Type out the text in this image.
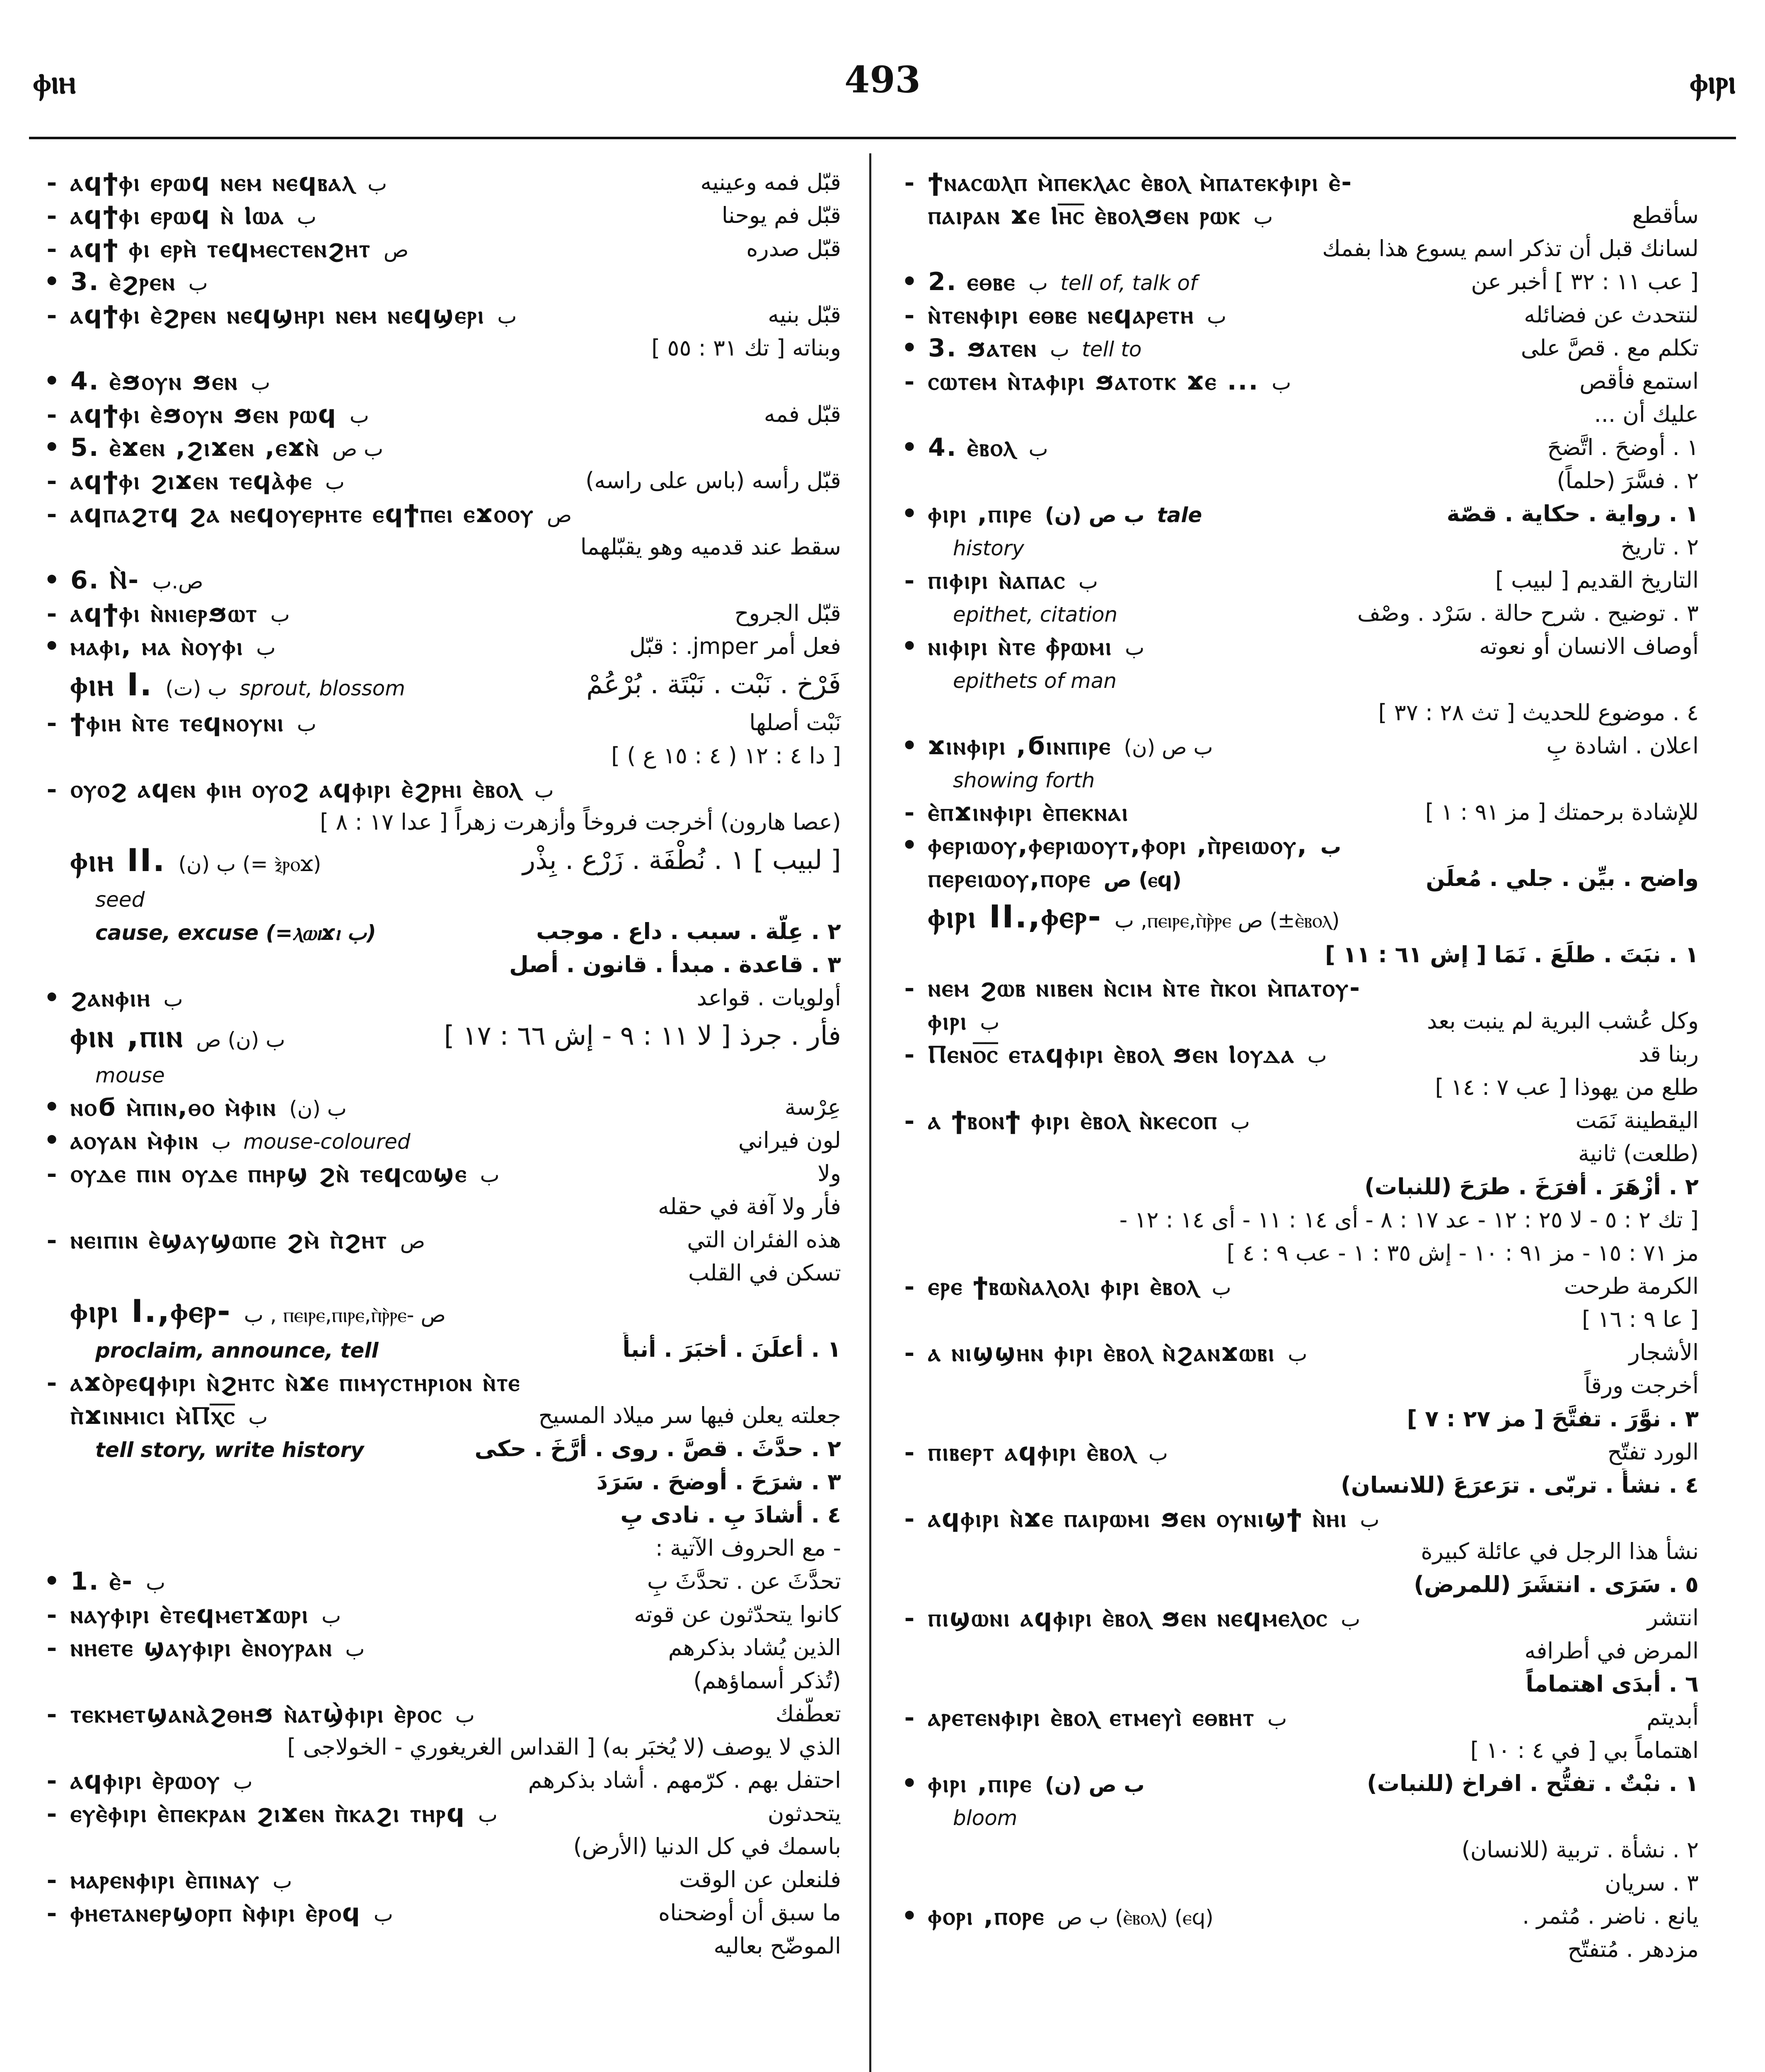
ⲫⲓⲏ	493	ⲫⲓⲣⲓ
- ⲁϥϯⲫⲓ ⲉⲣⲱϥ ⲛⲉⲙ ⲛⲉϥⲃⲁⲗ ب	قبّل فمه وعينيه
- ⲁϥϯⲫⲓ ⲉⲣⲱϥ ⲛ̀ Ⲓⲱⲁ ب	قبّل فم يوحنا
- ⲁϥϯ ⲫⲓ ⲉⲣⲏ̀ ⲧⲉϥⲙⲉⲥⲧⲉⲛϩⲏⲧ ص	قبّل صدره
• 3. ⲉ̀ϩⲣⲉⲛ ب
- ⲁϥϯⲫⲓ ⲉ̀ϩⲣⲉⲛ ⲛⲉϥϣⲏⲣⲓ ⲛⲉⲙ ⲛⲉϥϣⲉⲣⲓ ب	قبّل بنيه
وبناته [ تك ٣١ : ٥٥ ]
• 4. ⲉ̀ϧⲟⲩⲛ ϧⲉⲛ ب
- ⲁϥϯⲫⲓ ⲉ̀ϧⲟⲩⲛ ϧⲉⲛ ⲣⲱϥ ب	قبّل فمه
• 5. ⲉ̀ϫⲉⲛ ,ϩⲓϫⲉⲛ ,ⲉϫⲛ̀ ب ص
- ⲁϥϯⲫⲓ ϩⲓϫⲉⲛ ⲧⲉϥⲁ̀ⲫⲉ ب	قبّل رأسه (باس على راسه)
- ⲁϥⲡⲁϩⲧϥ ϩⲁ ⲛⲉϥⲟⲩⲉⲣⲏⲧⲉ ⲉϥϯⲡⲉⲓ ⲉϫⲟⲟⲩ ص
سقط عند قدميه وهو يقبّلهما
• 6. Ⲛ̀- ص.ب
- ⲁϥϯⲫⲓ ⲛ̀ⲛⲓⲉⲣϧⲱⲧ ب	قبّل الجروح
• ⲙⲁⲫⲓ, ⲙⲁ ⲛ̀ⲟⲩⲫⲓ ب	فعل أمر jmper. : قبّل
ⲫⲓⲏ I. ب (ت) sprout, blossom	فَرْخ . نَبْت . نَبْتَة . بُرْعُمْ
- ϯⲫⲓⲏ ⲛ̀ⲧⲉ ⲧⲉϥⲛⲟⲩⲛⲓ ب	نَبْت أصلها
[ دا ٤ : ١٢ ( ٤ : ١٥ ع ) ]
- ⲟⲩⲟϩ ⲁϥⲉⲛ ⲫⲓⲏ ⲟⲩⲟϩ ⲁϥⲫⲓⲣⲓ ⲉ̀ϩⲣⲏⲓ ⲉ̀ⲃⲟⲗ ب
(عصا هارون) أخرجت فروخاً وأزهرت زهراً [ عدا ١٧ : ٨ ]
ⲫⲓⲏ II. ب (ن) (= ⲝ̀ⲣⲟϫ)	[ لبيب ] ١ . نُطْفَة . زَرْع . بِذْر
seed
cause, excuse (=ⲗⲱⲓϫⲓ ب)	٢ . عِلَّة . سبب . داع . موجب
٣ . قاعدة . مبدأ . قانون . أصل
• ϩⲁⲛⲫⲓⲏ ب	أولويات . قواعد
ⲫⲓⲛ ,ⲡⲓⲛ ب (ن) ص	فأر . جرذ [ لا ١١ : ٩ - إش ٦٦ : ١٧ ]
mouse
• ⲛⲟϭ ⲙ̀ⲡⲓⲛ,ⲑⲟ ⲙ̀ⲫⲓⲛ ب (ن)	عِرْسة
• ⲁⲟⲩⲁⲛ ⲙ̀ⲫⲓⲛ ب mouse-coloured	لون فيراني
- ⲟⲩⲇⲉ ⲡⲓⲛ ⲟⲩⲇⲉ ⲡⲏⲣϣ ϩⲛ̀ ⲧⲉϥⲥⲱϣⲉ ب	ولا
فأر ولا آفة في حقله
- ⲛⲉⲓⲡⲓⲛ ⲉ̀ϣⲁⲩϣⲱⲡⲉ ϩⲙ̀ ⲡ̀ϩⲏⲧ ص	هذه الفئران التي
تسكن في القلب
ⲫⲓⲣⲓ I.,ⲫⲉⲣ- ب , ⲡⲉⲓⲣⲉ,ⲡⲓⲣⲉ,ⲡ̀ⲣ̀ⲣⲉ- ص
proclaim, announce, tell	١ . أعلَنَ . أخبَرَ . أنبأَ
- ⲁϫⲟ̀ⲣⲉϥⲫⲓⲣⲓ ⲛ̀ϩⲏⲧⲥ ⲛ̀ϫⲉ ⲡⲓⲙⲩⲥⲧⲏⲣⲓⲟⲛ ⲛ̀ⲧⲉ
ⲡ̀ϫⲓⲛⲙⲓⲥⲓ ⲙ̀Ⲡⲭ̅ⲥ̅ ب	جعلته يعلن فيها سر ميلاد المسيح
tell story, write history	٢ . حدَّثَ . قصَّ . روى . أرَّخَ . حكى
٣ . شرَحَ . أوضحَ . سَرَدَ
٤ . أشادَ بِ . نادى بِ
- مع الحروف الآتية :
• 1. ⲉ̀- ب	تحدَّثَ عن . تحدَّثَ بِ
- ⲛⲁⲩⲫⲓⲣⲓ ⲉ̀ⲧⲉϥⲙⲉⲧϫⲱⲣⲓ ب	كانوا يتحدّثون عن قوته
- ⲛⲏⲉⲧⲉ ϣⲁⲩⲫⲓⲣⲓ ⲉ̀ⲛⲟⲩⲣⲁⲛ ب	الذين يُشاد بذكرهم
(تُذكر أسماؤهم)
- ⲧⲉⲕⲙⲉⲧϣⲁⲛⲁ̀ϩⲑⲏϧ ⲛ̀ⲁⲧϣ̀ⲫⲓⲣⲓ ⲉ̀ⲣⲟⲥ ب	تعطّفك
الذي لا يوصف (لا يُخبَر به) [ القداس الغريغوري - الخولاجى ]
- ⲁϥⲫⲓⲣⲓ ⲉ̀ⲣⲱⲟⲩ ب	احتفل بهم . كرّمهم . أشاد بذكرهم
- ⲉⲩⲉ̀ⲫⲓⲣⲓ ⲉ̀ⲡⲉⲕⲣⲁⲛ ϩⲓϫⲉⲛ ⲡ̀ⲕⲁϩⲓ ⲧⲏⲣϥ ب	يتحدثون
باسمك في كل الدنيا (الأرض)
- ⲙⲁⲣⲉⲛⲫⲓⲣⲓ ⲉ̀ⲡⲓⲛⲁⲩ ب	فلنعلن عن الوقت
- ⲫⲏⲉⲧⲁⲛⲉⲣϣⲟⲣⲡ ⲛ̀ⲫⲓⲣⲓ ⲉ̀ⲣⲟϥ ب	ما سبق أن أوضحناه
الموضّح بعاليه
- ϯⲛⲁⲥⲱⲗⲡ ⲙ̀ⲡⲉⲕⲗⲁⲥ ⲉ̀ⲃⲟⲗ ⲙ̀ⲡⲁⲧⲉⲕⲫⲓⲣⲓ ⲉ̀-
ⲡⲁⲓⲣⲁⲛ ϫⲉ Ⲓⲏ̅ⲥ̅ ⲉ̀ⲃⲟⲗϧⲉⲛ ⲣⲱⲕ ب	سأقطع
لسانك قبل أن تذكر اسم يسوع هذا بفمك
• 2. ⲉⲑⲃⲉ ب tell of, talk of	[ عب ١١ : ٣٢ ] أخبر عن
- ⲛ̀ⲧⲉⲛⲫⲓⲣⲓ ⲉⲑⲃⲉ ⲛⲉϥⲁⲣⲉⲧⲏ ب	لنتحدث عن فضائله
• 3. ϧⲁⲧⲉⲛ ب tell to	تكلم مع . قصَّ على
- ⲥⲱⲧⲉⲙ ⲛ̀ⲧⲁⲫⲓⲣⲓ ϧⲁⲧⲟⲧⲕ ϫⲉ ... ب	استمع فأقص
عليك أن ...
• 4. ⲉ̀ⲃⲟⲗ ب	١ . أوضحَ . اتَّضحَ
٢ . فسَّرَ (حلماً)
• ⲫⲓⲣⲓ ,ⲡⲓⲣⲉ ب ص (ن) tale	١ . رواية . حكاية . قصّة
history	٢ . تاريخ
- ⲡⲓⲫⲓⲣⲓ ⲛ̀ⲁⲡⲁⲥ ب	التاريخ القديم [ لبيب ]
epithet, citation	٣ . توضيح . شرح حالة . سَرْد . وصْف
• ⲛⲓⲫⲓⲣⲓ ⲛ̀ⲧⲉ ⲫ̀ⲣⲱⲙⲓ ب	أوصاف الانسان أو نعوته
epithets of man
٤ . موضوع للحديث [ تث ٢٨ : ٣٧ ]
• ϫⲓⲛⲫⲓⲣⲓ ,ϭⲓⲛⲡⲓⲣⲉ ب ص (ن)	اعلان . اشادة بِ
showing forth
- ⲉ̀ⲡϫⲓⲛⲫⲓⲣⲓ ⲉ̀ⲡⲉⲕⲛⲁⲓ	للإشادة برحمتك [ مز ٩١ : ١ ]
• ⲫⲉⲣⲓⲱⲟⲩ,ⲫⲉⲣⲓⲱⲟⲩⲧ,ⲫⲟⲣⲓ ,ⲡ̀ⲣⲉⲓⲱⲟⲩ, ب
ⲡⲉⲣⲉⲓⲱⲟⲩ,ⲡⲟⲣⲉ ص (ⲉϥ)	واضح . بيِّن . جلي . مُعلَن
ⲫⲓⲣⲓ II.,ⲫⲉⲣ- ب ,ⲡⲉⲓⲣⲉ,ⲡ̀ⲣ̀ⲣⲉ ص (±ⲉ̀ⲃⲟⲗ)
١ . نبَتَ . طلَعَ . نَمَا [ إش ٦١ : ١١ ]
- ⲛⲉⲙ ϩⲱⲃ ⲛⲓⲃⲉⲛ ⲛ̀ⲥⲓⲙ ⲛ̀ⲧⲉ ⲡ̀ⲕⲟⲓ ⲙ̀ⲡⲁⲧⲟⲩ-
ⲫⲓⲣⲓ ب	وكل عُشب البرية لم ينبت بعد
- Ⲡⲉⲛⲟ̅ⲥ̅ ⲉⲧⲁϥⲫⲓⲣⲓ ⲉ̀ⲃⲟⲗ ϧⲉⲛ Ⲓⲟⲩⲇⲁ ب	ربنا قد
طلع من يهوذا [ عب ٧ : ١٤ ]
- ⲁ ϯⲃⲟⲛϯ ⲫⲓⲣⲓ ⲉ̀ⲃⲟⲗ ⲛ̀ⲕⲉⲥⲟⲡ ب	اليقطينة نَمَت
(طلعت) ثانية
٢ . أزْهَرَ . أفرَخَ . طرَحَ (للنبات)
[ تك ٢ : ٥ - لا ٢٥ : ١٢ - عد ١٧ : ٨ - أى ١٤ : ١١ - أى ١٤ : ١٢ -
مز ٧١ : ١٥ - مز ٩١ : ١٠ - إش ٣٥ : ١ - عب ٩ : ٤ ]
- ⲉⲣⲉ ϯⲃⲱⲛ̀ⲁⲗⲟⲗⲓ ⲫⲓⲣⲓ ⲉ̀ⲃⲟⲗ ب	الكرمة طرحت
[ عا ٩ : ١٦ ]
- ⲁ ⲛⲓϣϣⲏⲛ ⲫⲓⲣⲓ ⲉ̀ⲃⲟⲗ ⲛ̀ϩⲁⲛϫⲱⲃⲓ ب	الأشجار
أخرجت ورقاً
٣ . نوَّرَ . تفتَّحَ [ مز ٢٧ : ٧ ]
- ⲡⲓⲃⲉⲣⲧ ⲁϥⲫⲓⲣⲓ ⲉ̀ⲃⲟⲗ ب	الورد تفتّح
٤ . نشأَ . تربّى . ترَعرَعَ (للانسان)
- ⲁϥⲫⲓⲣⲓ ⲛ̀ϫⲉ ⲡⲁⲓⲣⲱⲙⲓ ϧⲉⲛ ⲟⲩⲛⲓϣϯ ⲛ̀ⲏⲓ ب
نشأ هذا الرجل في عائلة كبيرة
٥ . سَرَى . انتشَرَ (للمرض)
- ⲡⲓϣⲱⲛⲓ ⲁϥⲫⲓⲣⲓ ⲉ̀ⲃⲟⲗ ϧⲉⲛ ⲛⲉϥⲙⲉⲗⲟⲥ ب	انتشر
المرض في أطرافه
٦ . أبدَى اهتماماً
- ⲁⲣⲉⲧⲉⲛⲫⲓⲣⲓ ⲉ̀ⲃⲟⲗ ⲉⲧⲙⲉⲩⲓ̀ ⲉⲑⲃⲏⲧ ب	أبديتم
اهتماماً بي [ في ٤ : ١٠ ]
• ⲫⲓⲣⲓ ,ⲡⲓⲣⲉ ب ص (ن)	١ . نبْتٌ . تفتُّح . افراخ (للنبات)
bloom
٢ . نشأة . تربية (للانسان)
٣ . سريان
• ⲫⲟⲣⲓ ,ⲡⲟⲣⲉ ب ص (ⲉ̀ⲃⲟⲗ) (ⲉϥ)	يانع . ناضر . مُثمر .
مزدهر . مُتفتّح
